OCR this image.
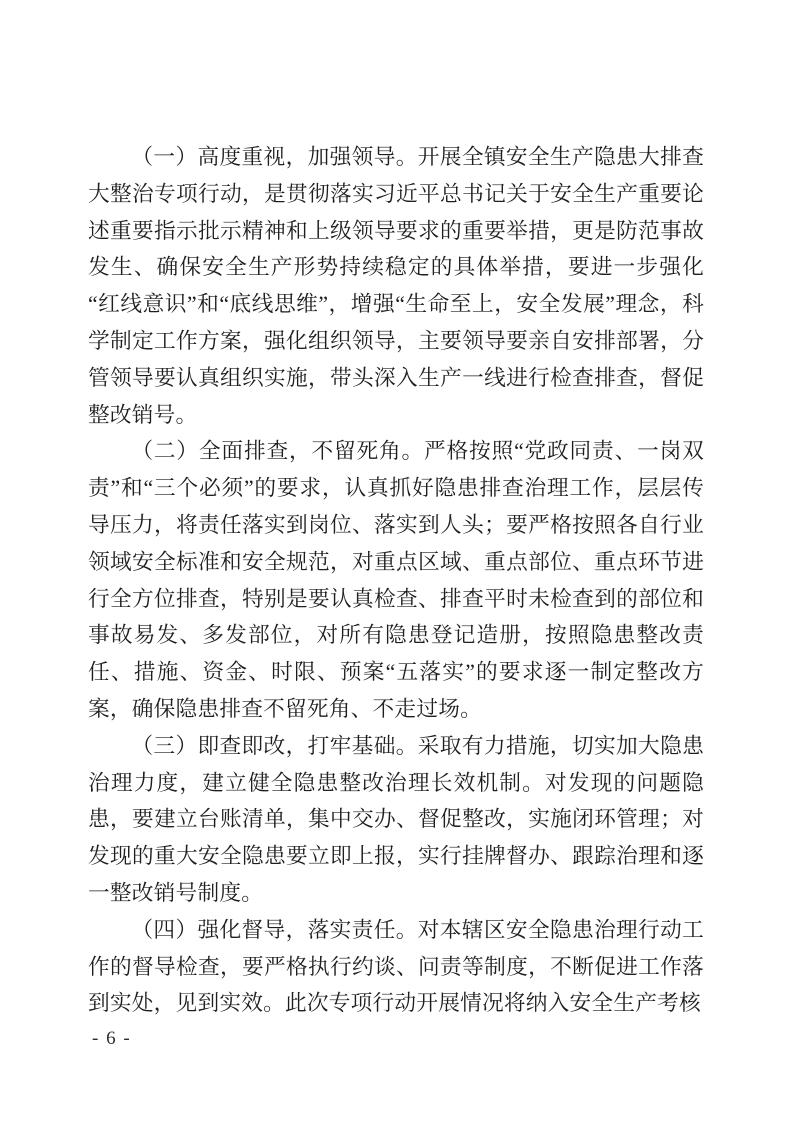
（一）高度重视，加强领导。开展全镇安全生产隐患大排查大整治专项行动，是贯彻落实习近平总书记关于安全生产重要论述重要指示批示精神和上级领导要求的重要举措，更是防范事故发生、确保安全生产形势持续稳定的具体举措，要进一步强化“红线意识”和“底线思维”，增强“生命至上，安全发展”理念，科学制定工作方案，强化组织领导，主要领导要亲自安排部署，分管领导要认真组织实施，带头深入生产一线进行检查排查，督促整改销号。

（二）全面排查，不留死角。严格按照“党政同责、一岗双责”和“三个必须”的要求，认真抓好隐患排查治理工作，层层传导压力，将责任落实到岗位、落实到人头；要严格按照各自行业领域安全标准和安全规范，对重点区域、重点部位、重点环节进行全方位排查，特别是要认真检查、排查平时未检查到的部位和事故易发、多发部位，对所有隐患登记造册，按照隐患整改责任、措施、资金、时限、预案“五落实”的要求逐一制定整改方案，确保隐患排查不留死角、不走过场。

（三）即查即改，打牢基础。采取有力措施，切实加大隐患治理力度，建立健全隐患整改治理长效机制。对发现的问题隐患，要建立台账清单，集中交办、督促整改，实施闭环管理；对发现的重大安全隐患要立即上报，实行挂牌督办、跟踪治理和逐一整改销号制度。

（四）强化督导，落实责任。对本辖区安全隐患治理行动工作的督导检查，要严格执行约谈、问责等制度，不断促进工作落到实处，见到实效。此次专项行动开展情况将纳入安全生产考核

- 6 -
